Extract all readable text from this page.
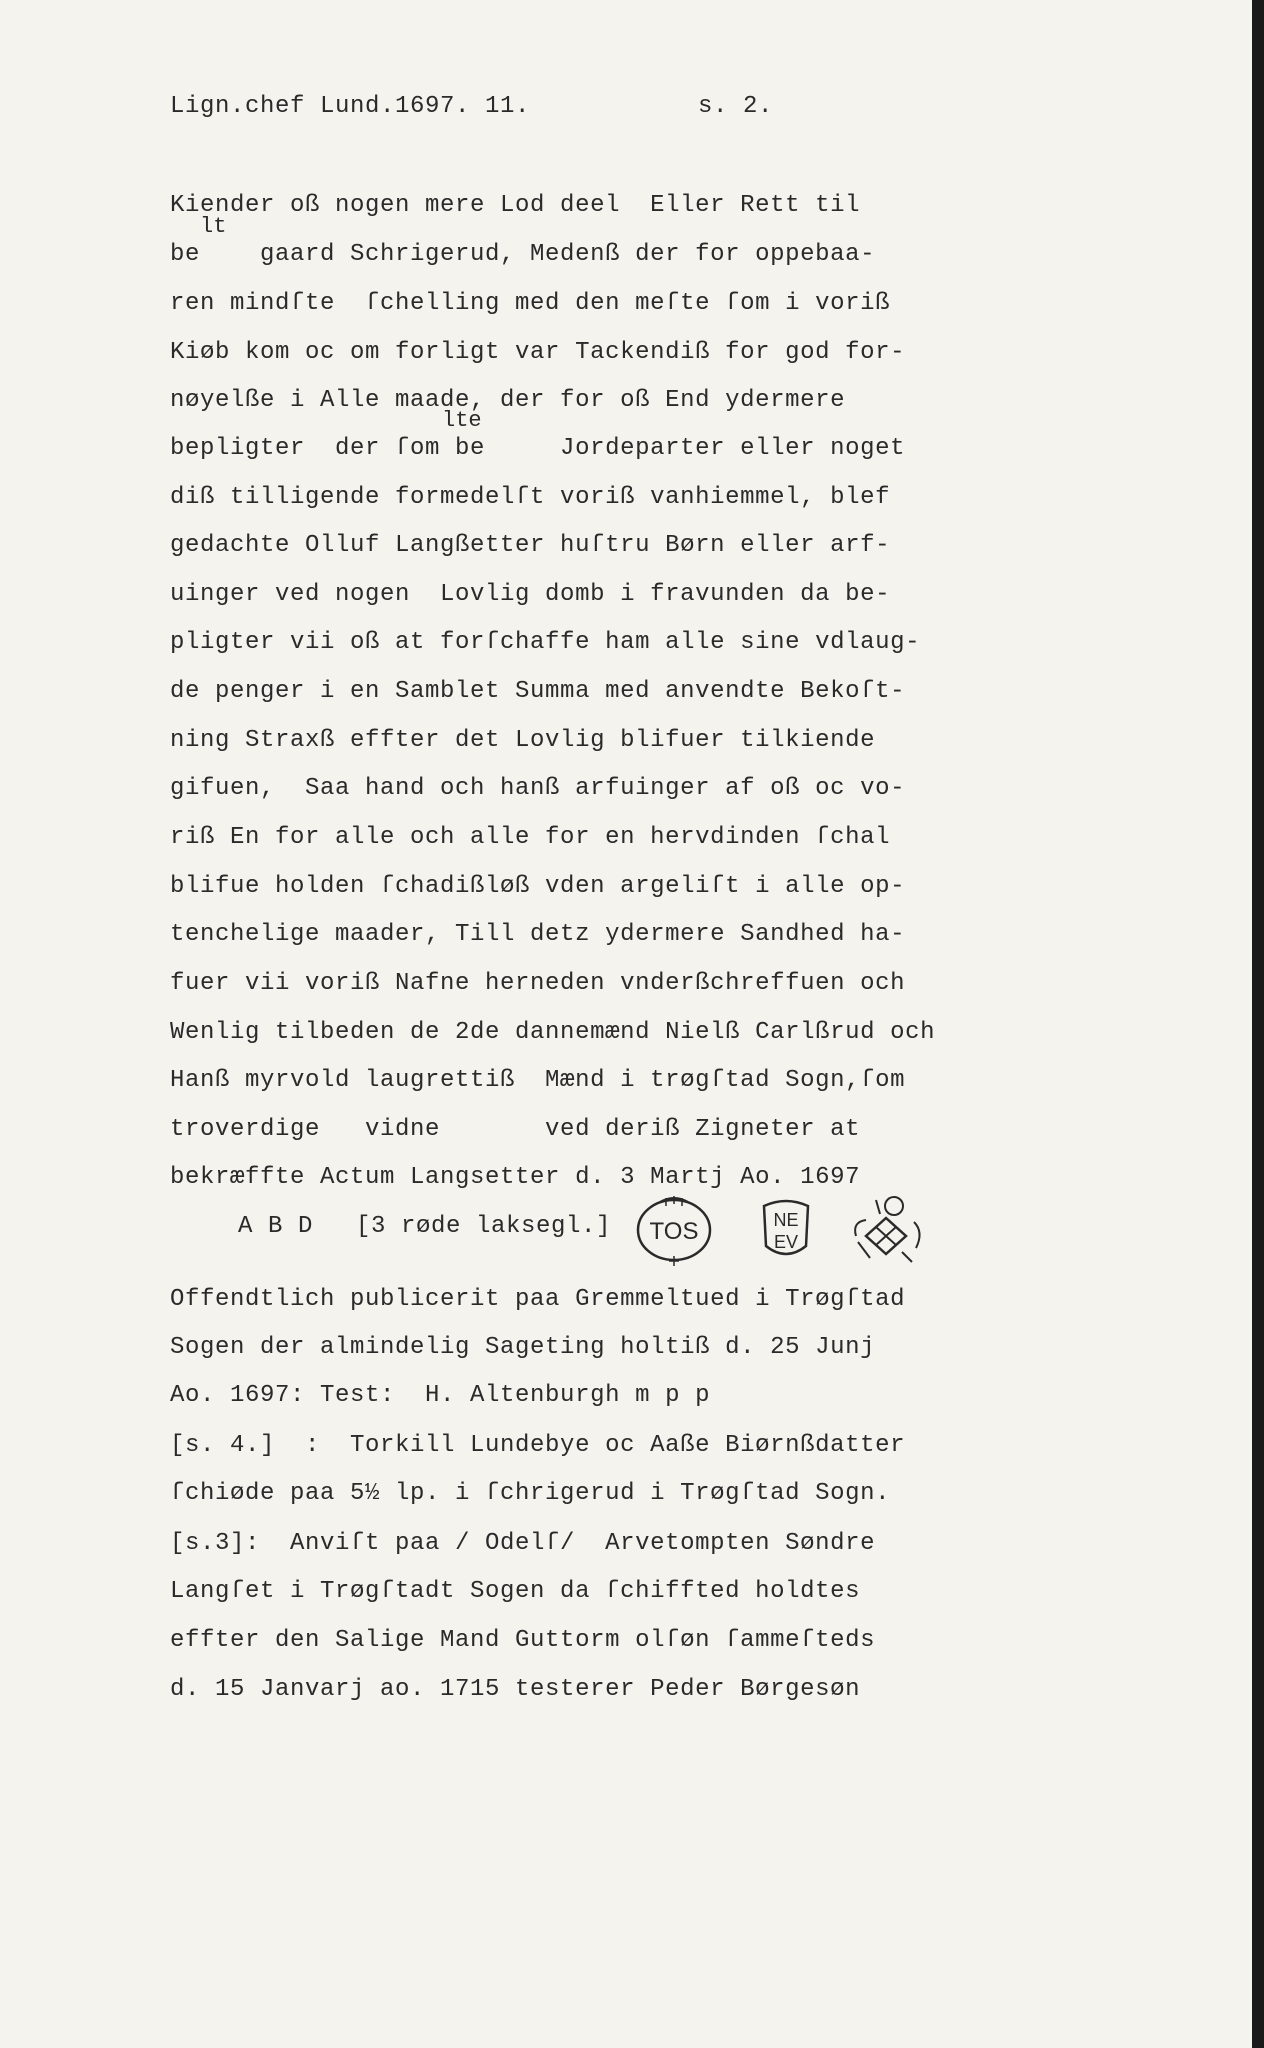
Lign.chef Lund.1697. 11.	s. 2.
Kiender oß nogen mere Lod deel  Eller Rett til
lt
be    gaard Schrigerud, Medenß der for oppebaa-
ren mindſte  ſchelling med den meſte ſom i voriß
Kiøb kom oc om forligt var Tackendiß for god for-
nøyelße i Alle maade, der for oß End ydermere
lte
bepligter  der ſom be     Jordeparter eller noget
diß tilligende formedelſt voriß vanhiemmel, blef
gedachte Olluf Langßetter huſtru Børn eller arf-
uinger ved nogen  Lovlig domb i fravunden da be-
pligter vii oß at forſchaffe ham alle sine vdlaug-
de penger i en Samblet Summa med anvendte Bekoſt-
ning Straxß effter det Lovlig blifuer tilkiende
gifuen,  Saa hand och hanß arfuinger af oß oc vo-
riß En for alle och alle for en hervdinden ſchal
blifue holden ſchadißløß vden argeliſt i alle op-
tenchelige maader, Till detz ydermere Sandhed ha-
fuer vii voriß Nafne herneden vnderßchreffuen och
Wenlig tilbeden de 2de dannemænd Nielß Carlßrud och
Hanß myrvold laugrettiß  Mænd i trøgſtad Sogn,ſom
troverdige   vidne       ved deriß Zigneter at
bekræffte Actum Langsetter d. 3 Martj Ao. 1697
A B D [3 røde laksegl.] TOS	NE
EV
Offendtlich publicerit paa Gremmeltued i Trøgſtad
Sogen der almindelig Sageting holtiß d. 25 Junj
Ao. 1697: Test:  H. Altenburgh m p p
[s. 4.]  :  Torkill Lundebye oc Aaße Biørnßdatter
ſchiøde paa 5½ lp. i ſchrigerud i Trøgſtad Sogn.
[s.3]:  Anviſt paa / Odelſ/  Arvetompten Søndre
Langſet i Trøgſtadt Sogen da ſchiffted holdtes
effter den Salige Mand Guttorm olſøn ſammeſteds
d. 15 Janvarj ao. 1715 testerer Peder Børgesøn
